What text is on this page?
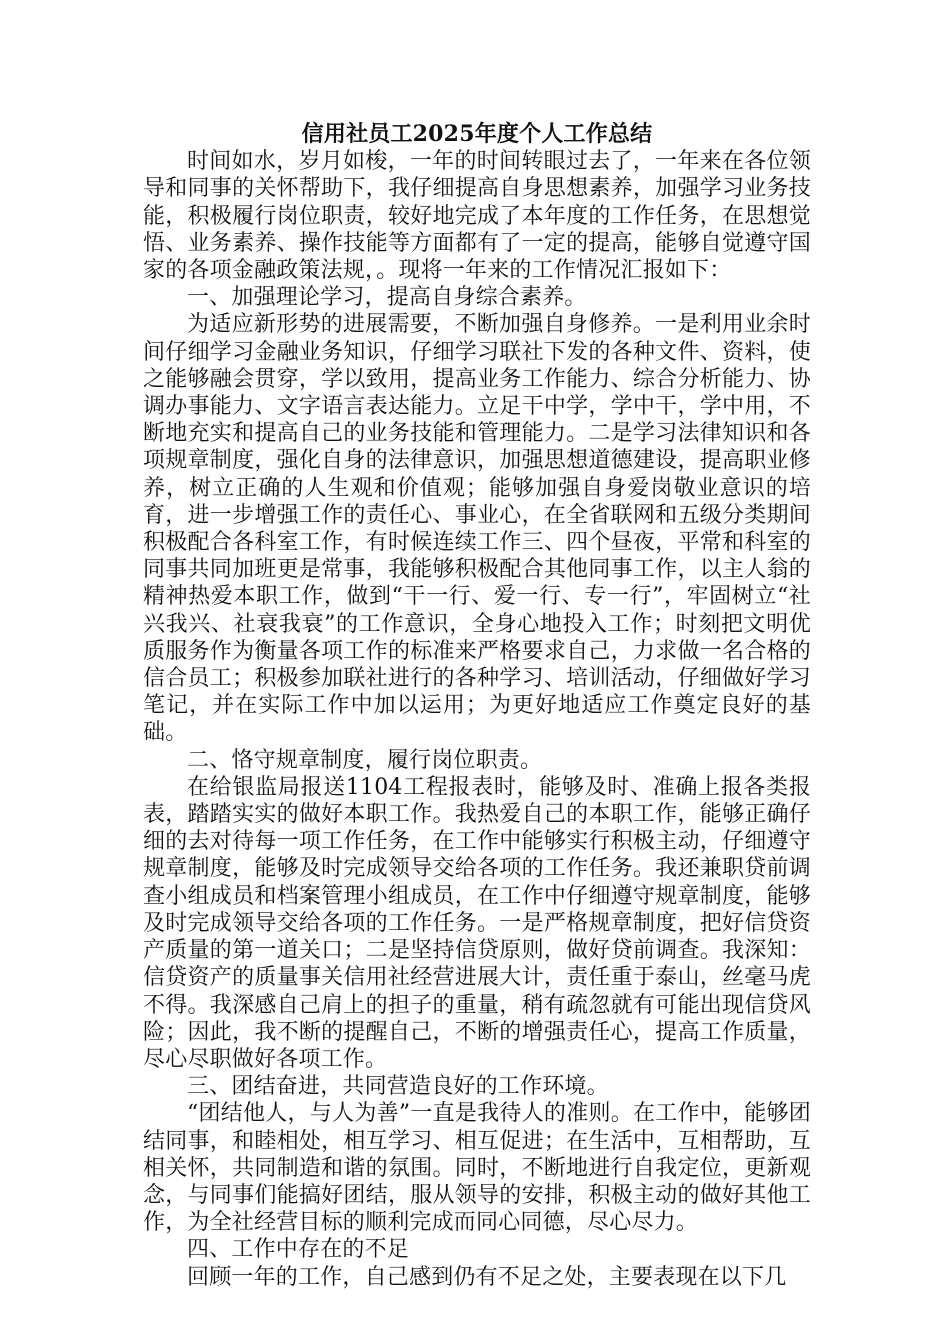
信用社员工2025年度个人工作总结

时间如水，岁月如梭，一年的时间转眼过去了，一年来在各位领导和同事的关怀帮助下，我仔细提高自身思想素养，加强学习业务技能，积极履行岗位职责，较好地完成了本年度的工作任务，在思想觉悟、业务素养、操作技能等方面都有了一定的提高，能够自觉遵守国家的各项金融政策法规，。现将一年来的工作情况汇报如下：

一、加强理论学习，提高自身综合素养。

为适应新形势的进展需要，不断加强自身修养。一是利用业余时间仔细学习金融业务知识，仔细学习联社下发的各种文件、资料，使之能够融会贯穿，学以致用，提高业务工作能力、综合分析能力、协调办事能力、文字语言表达能力。立足干中学，学中干，学中用，不断地充实和提高自己的业务技能和管理能力。二是学习法律知识和各项规章制度，强化自身的法律意识，加强思想道德建设，提高职业修养，树立正确的人生观和价值观；能够加强自身爱岗敬业意识的培育，进一步增强工作的责任心、事业心，在全省联网和五级分类期间积极配合各科室工作，有时候连续工作三、四个昼夜，平常和科室的同事共同加班更是常事，我能够积极配合其他同事工作，以主人翁的精神热爱本职工作，做到“干一行、爱一行、专一行”，牢固树立“社兴我兴、社衰我衰”的工作意识，全身心地投入工作；时刻把文明优质服务作为衡量各项工作的标准来严格要求自己，力求做一名合格的信合员工；积极参加联社进行的各种学习、培训活动，仔细做好学习笔记，并在实际工作中加以运用；为更好地适应工作奠定良好的基础。

二、恪守规章制度，履行岗位职责。

在给银监局报送1104工程报表时，能够及时、准确上报各类报表，踏踏实实的做好本职工作。我热爱自己的本职工作，能够正确仔细的去对待每一项工作任务，在工作中能够实行积极主动，仔细遵守规章制度，能够及时完成领导交给各项的工作任务。我还兼职贷前调查小组成员和档案管理小组成员，在工作中仔细遵守规章制度，能够及时完成领导交给各项的工作任务。一是严格规章制度，把好信贷资产质量的第一道关口；二是坚持信贷原则，做好贷前调查。我深知：信贷资产的质量事关信用社经营进展大计，责任重于泰山，丝毫马虎不得。我深感自己肩上的担子的重量，稍有疏忽就有可能出现信贷风险；因此，我不断的提醒自己，不断的增强责任心，提高工作质量，尽心尽职做好各项工作。

三、团结奋进，共同营造良好的工作环境。

“团结他人，与人为善”一直是我待人的准则。在工作中，能够团结同事，和睦相处，相互学习、相互促进；在生活中，互相帮助，互相关怀，共同制造和谐的氛围。同时，不断地进行自我定位，更新观念，与同事们能搞好团结，服从领导的安排，积极主动的做好其他工作，为全社经营目标的顺利完成而同心同德，尽心尽力。

四、工作中存在的不足

回顾一年的工作，自己感到仍有不足之处，主要表现在以下几
